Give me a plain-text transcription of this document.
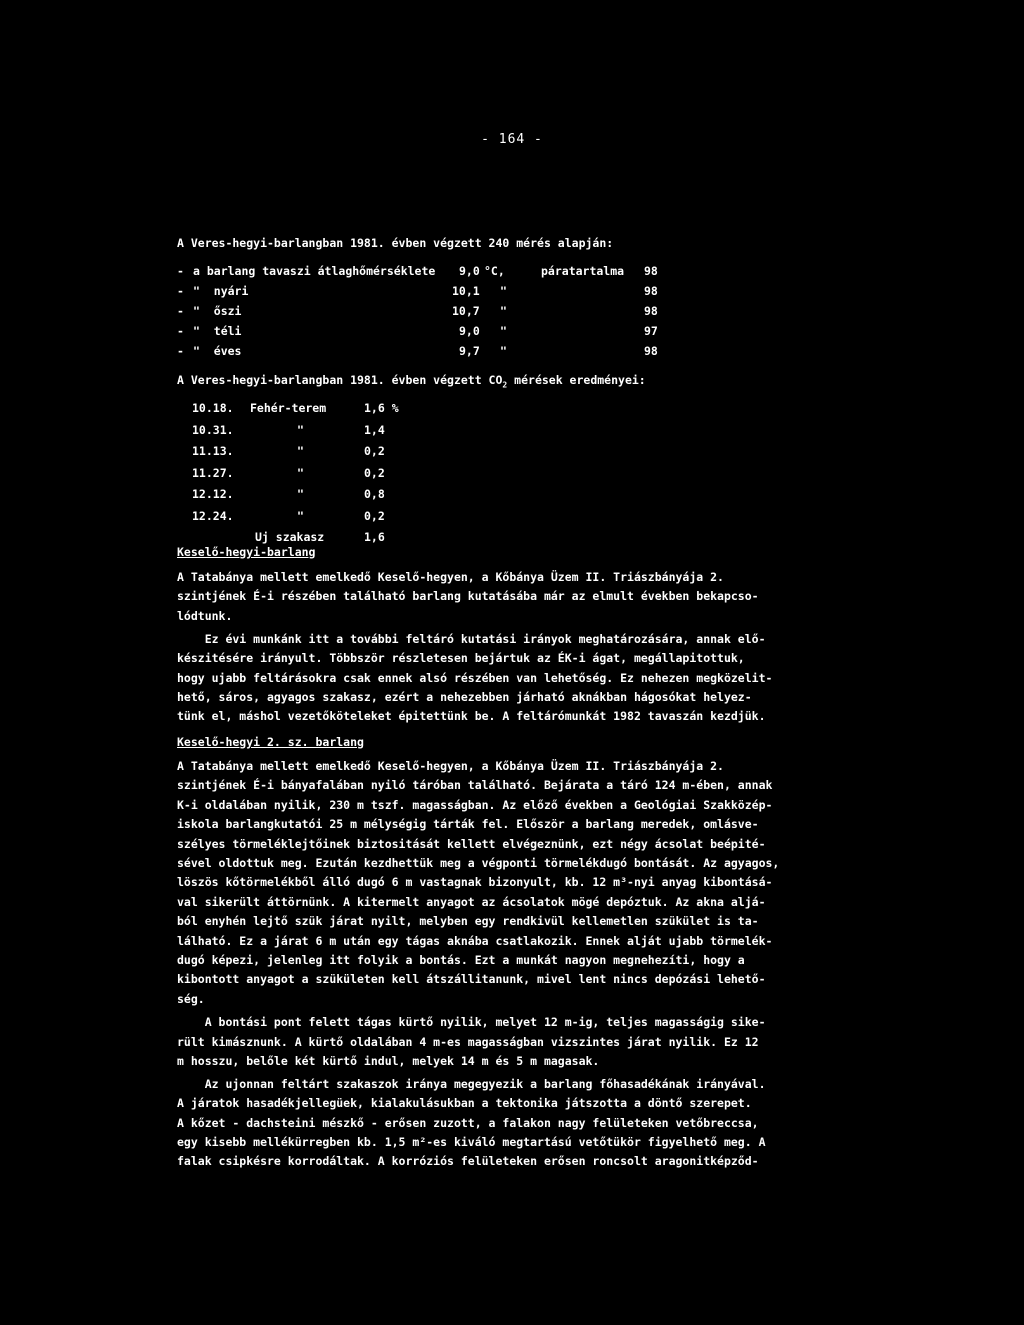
- 164 -
A Veres-hegyi-barlangban 1981. évben végzett 240 mérés alapján:
- a barlang tavaszi átlaghőmérséklete 9,0 °C,	páratartalma 98
- "  nyári	10,1 "	98
- "  őszi	10,7 "	98
- "  téli	9,0 "	97
- "  éves	9,7 "	98
A Veres-hegyi-barlangban 1981. évben végzett $CO_2$ mérések eredményei:
10.18. Fehér-terem	1,6 %
10.31.	"	1,4
11.13.	"	0,2
11.27.	"	0,2
12.12.	"	0,8
12.24.	"	0,2
Uj szakasz	1,6
Keselő-hegyi-barlang
A Tatabánya mellett emelkedő Keselő-hegyen, a Kőbánya Üzem II. Triászbányája 2.
szintjének É-i részében található barlang kutatásába már az elmult években bekapcso-
lódtunk.
Ez évi munkánk itt a további feltáró kutatási irányok meghatározására, annak elő-
készitésére irányult. Többször részletesen bejártuk az ÉK-i ágat, megállapitottuk,
hogy ujabb feltárásokra csak ennek alsó részében van lehetőség. Ez nehezen megközelit-
hető, sáros, agyagos szakasz, ezért a nehezebben járható aknákban hágosókat helyez-
tünk el, máshol vezetőköteleket épitettünk be. A feltárómunkát 1982 tavaszán kezdjük.
Keselő-hegyi 2. sz. barlang
A Tatabánya mellett emelkedő Keselő-hegyen, a Kőbánya Üzem II. Triászbányája 2.
szintjének É-i bányafalában nyiló táróban található. Bejárata a táró 124 m-ében, annak
K-i oldalában nyilik, 230 m tszf. magasságban. Az előző években a Geológiai Szakközép-
iskola barlangkutatói 25 m mélységig tárták fel. Először a barlang meredek, omlásve-
szélyes törmeléklejtőinek biztositását kellett elvégeznünk, ezt négy ácsolat beépité-
sével oldottuk meg. Ezután kezdhettük meg a végponti törmelékdugó bontását. Az agyagos,
löszös kőtörmelékből álló dugó 6 m vastagnak bizonyult, kb. 12 m³-nyi anyag kibontásá-
val sikerült áttörnünk. A kitermelt anyagot az ácsolatok mögé depóztuk. Az akna aljá-
ból enyhén lejtő szük járat nyilt, melyben egy rendkivül kellemetlen szükület is ta-
lálható. Ez a járat 6 m után egy tágas aknába csatlakozik. Ennek alját ujabb törmelék-
dugó képezi, jelenleg itt folyik a bontás. Ezt a munkát nagyon megnehezíti, hogy a
kibontott anyagot a szükületen kell átszállitanunk, mivel lent nincs depózási lehető-
ség.
A bontási pont felett tágas kürtő nyilik, melyet 12 m-ig, teljes magasságig sike-
rült kimásznunk. A kürtő oldalában 4 m-es magasságban vizszintes járat nyilik. Ez 12
m hosszu, belőle két kürtő indul, melyek 14 m és 5 m magasak.
Az ujonnan feltárt szakaszok iránya megegyezik a barlang főhasadékának irányával.
A járatok hasadékjellegüek, kialakulásukban a tektonika játszotta a döntő szerepet.
A kőzet - dachsteini mészkő - erősen zuzott, a falakon nagy felületeken vetőbreccsa,
egy kisebb mellékürregben kb. 1,5 m²-es kiváló megtartású vetőtükör figyelhető meg. A
falak csipkésre korrodáltak. A korróziós felületeken erősen roncsolt aragonitképződ-
